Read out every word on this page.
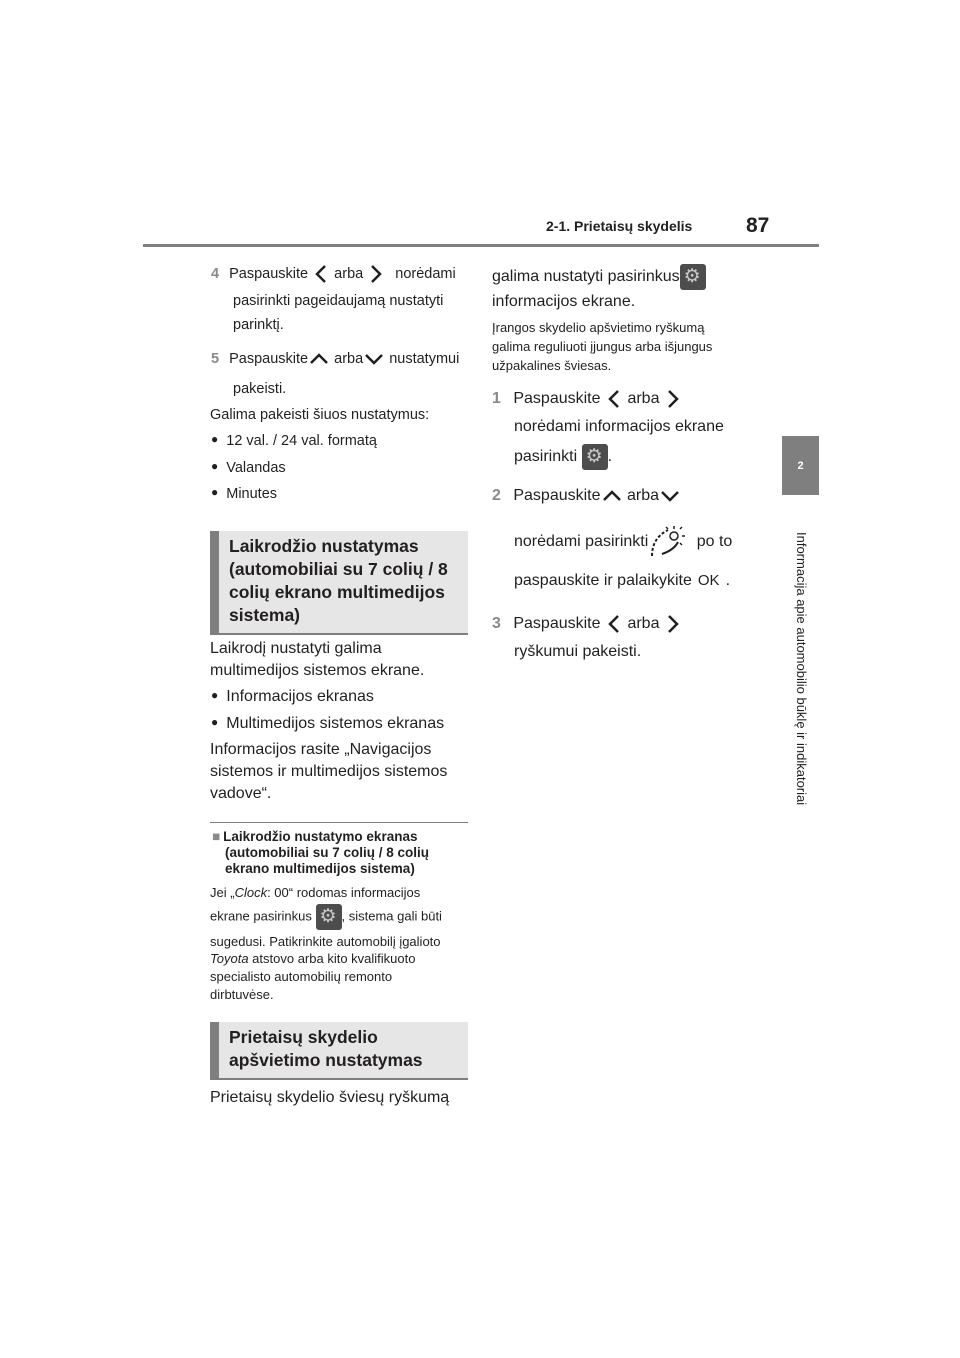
2-1. Prietaisų skydelis	87
2
Informacija apie automobilio būklę ir indikatoriai
4 Paspauskite arba norėdami
pasirinkti pageidaujamą nustatyti
parinktį.
5 Paspauskite arba nustatymui
pakeisti.
Galima pakeisti šiuos nustatymus:
● 12 val. / 24 val. formatą
● Valandas
● Minutes
Laikrodžio nustatymas
(automobiliai su 7 colių / 8
colių ekrano multimedijos
sistema)
Laikrodį nustatyti galima
multimedijos sistemos ekrane.
● Informacijos ekranas
● Multimedijos sistemos ekranas
Informacijos rasite „Navigacijos
sistemos ir multimedijos sistemos
vadove“.
■ Laikrodžio nustatymo ekranas
(automobiliai su 7 colių / 8 colių
ekrano multimedijos sistema)
Jei „Clock: 00“ rodomas informacijos
ekrane pasirinkus ⚙ , sistema gali būti
sugedusi. Patikrinkite automobilį įgalioto
Toyota atstovo arba kito kvalifikuoto
specialisto automobilių remonto
dirbtuvėse.
Prietaisų skydelio
apšvietimo nustatymas
Prietaisų skydelio šviesų ryškumą
galima nustatyti pasirinkus⚙
informacijos ekrane.
Įrangos skydelio apšvietimo ryškumą
galima reguliuoti įjungus arba išjungus
užpakalines šviesas.
1 Paspauskite arba
norėdami informacijos ekrane
pasirinkti ⚙ .
2 Paspauskite arba
norėdami pasirinkti	po to
paspauskite ir palaikykite OK .
3 Paspauskite arba
ryškumui pakeisti.
